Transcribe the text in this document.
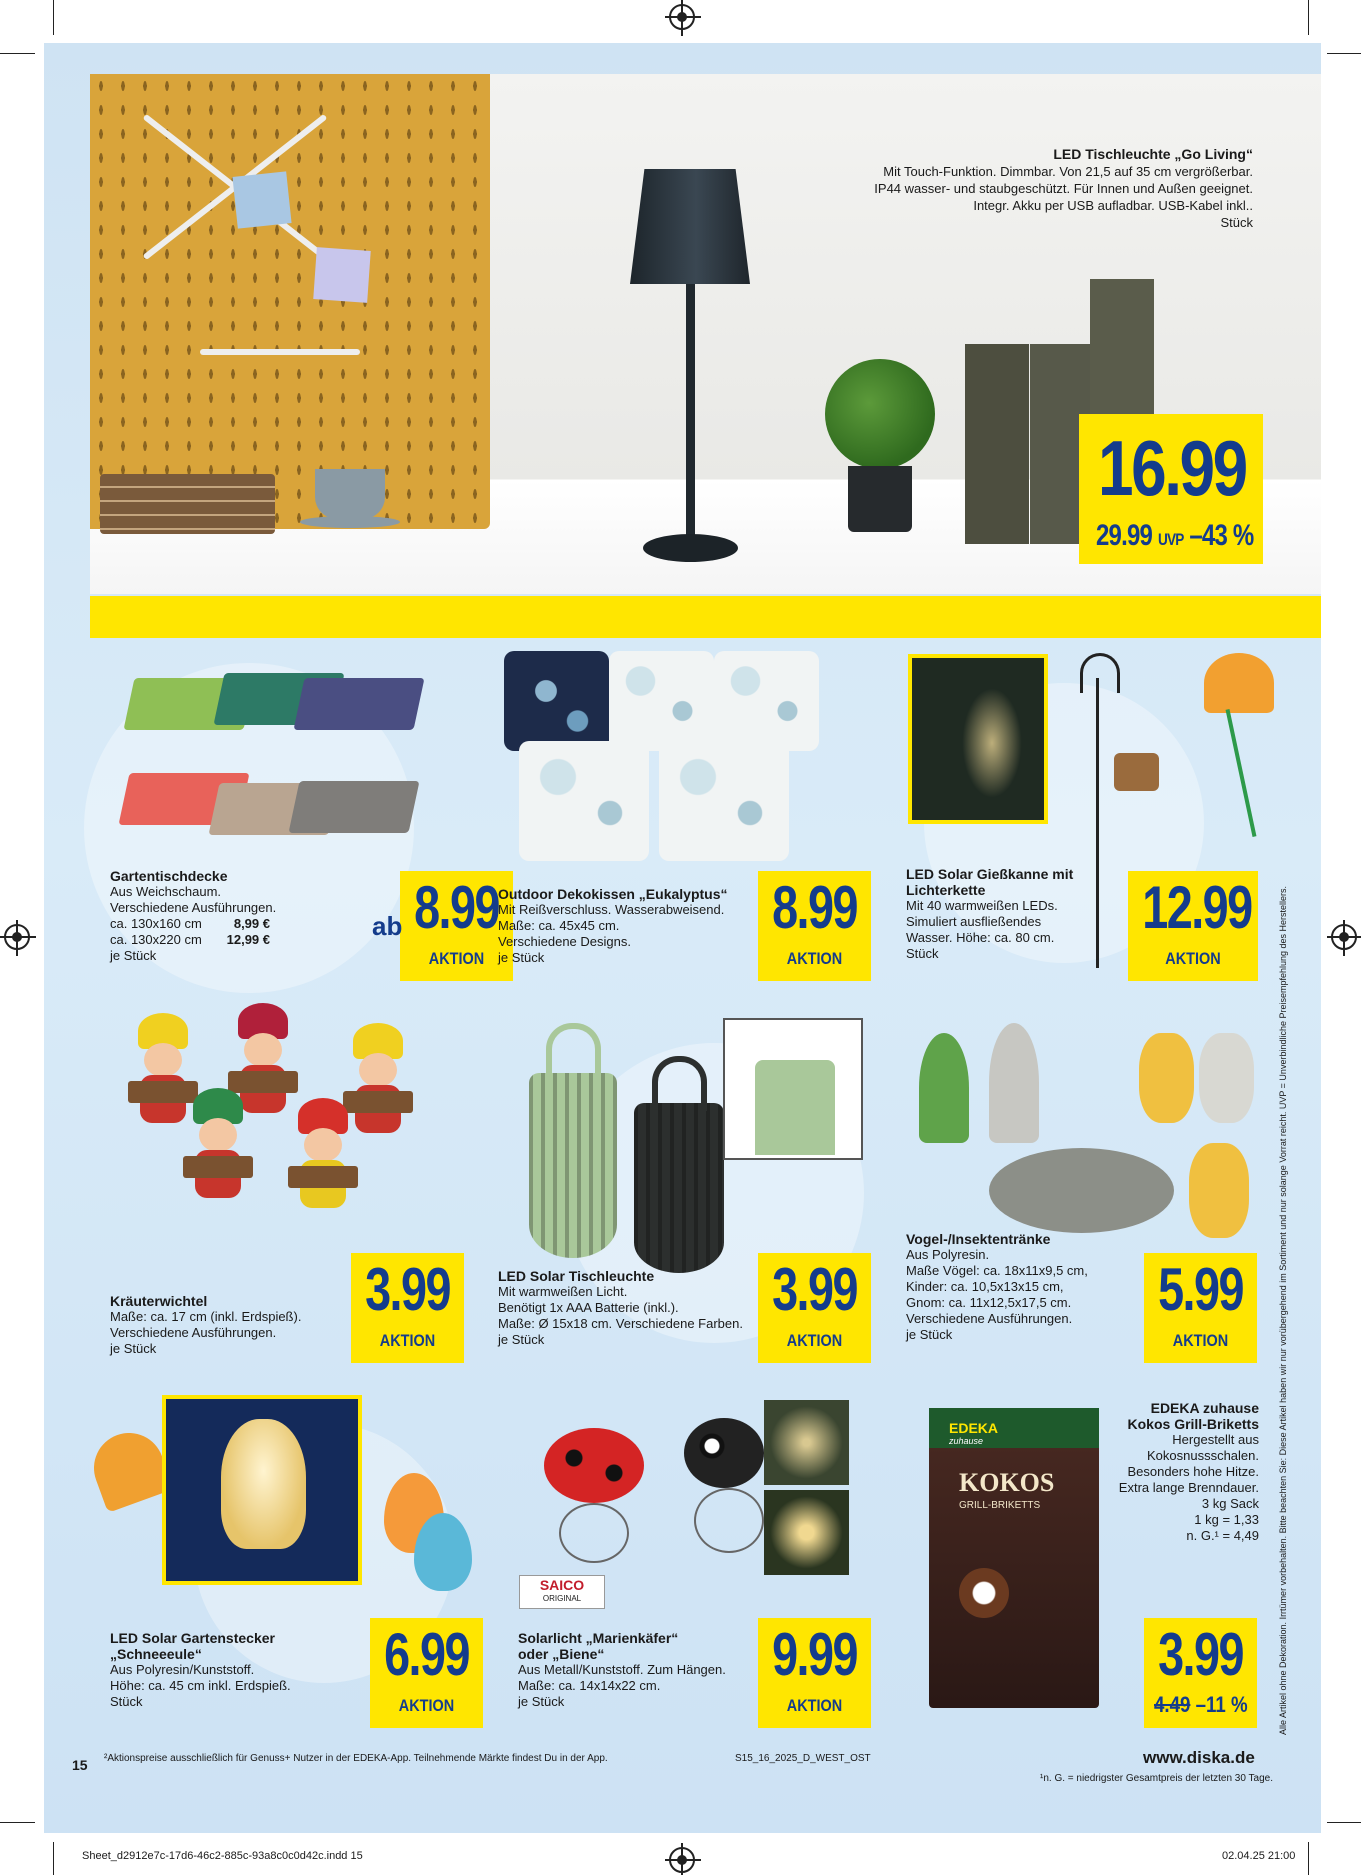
LED Tischleuchte „Go Living“
Mit Touch-Funktion. Dimmbar. Von 21,5 auf 35 cm vergrößerbar.
IP44 wasser- und staubgeschützt. Für Innen und Außen geeignet.
Integr. Akku per USB aufladbar. USB-Kabel inkl..
Stück
16.99
29.99 UVP –43 %
Gartentischdecke
Aus Weichschaum.
Verschiedene Ausführungen.
ca. 130x160 cm 8,99 €
ca. 130x220 cm 12,99 €
je Stück
ab 8.99
AKTION
Outdoor Dekokissen „Eukalyptus“
Mit Reißverschluss. Wasserabweisend.
Maße: ca. 45x45 cm.
Verschiedene Designs.
je Stück
8.99
AKTION
LED Solar Gießkanne mit Lichterkette
Mit 40 warmweißen LEDs.
Simuliert ausfließendes
Wasser. Höhe: ca. 80 cm.
Stück
12.99
AKTION
Kräuterwichtel
Maße: ca. 17 cm (inkl. Erdspieß).
Verschiedene Ausführungen.
je Stück
3.99
AKTION
LED Solar Tischleuchte
Mit warmweißen Licht.
Benötigt 1x AAA Batterie (inkl.).
Maße: Ø 15x18 cm. Verschiedene Farben.
je Stück
3.99
AKTION
Vogel-/Insektentränke
Aus Polyresin.
Maße Vögel: ca. 18x11x9,5 cm,
Kinder: ca. 10,5x13x15 cm,
Gnom: ca. 11x12,5x17,5 cm.
Verschiedene Ausführungen.
je Stück
5.99
AKTION
LED Solar Gartenstecker „Schneeeule“
Aus Polyresin/Kunststoff.
Höhe: ca. 45 cm inkl. Erdspieß.
Stück
6.99
AKTION
SAICO
ORIGINAL
Solarlicht „Marienkäfer“ oder „Biene“
Aus Metall/Kunststoff. Zum Hängen.
Maße: ca. 14x14x22 cm.
je Stück
9.99
AKTION
EDEKA zuhause
Kokos Grill-Briketts
Hergestellt aus
Kokosnussschalen.
Besonders hohe Hitze.
Extra lange Brenndauer.
3 kg Sack
1 kg = 1,33
n. G.¹ = 4,49
EDEKA
zuhause
KOKOS
GRILL-BRIKETTS
3.99
4.49 –11 %	Alle Artikel ohne Dekoration. Irrtümer vorbehalten. Bitte beachten Sie: Diese Artikel haben wir nur vorübergehend im Sortiment und nur solange Vorrat reicht. UVP = Unverbindliche Preisempfehlung des Herstellers.
15 ²Aktionspreise ausschließlich für Genuss+ Nutzer in der EDEKA-App. Teilnehmende Märkte findest Du in der App.	S15_16_2025_D_WEST_OST	www.diska.de
¹n. G. = niedrigster Gesamtpreis der letzten 30 Tage.
Sheet_d2912e7c-17d6-46c2-885c-93a8c0c0d42c.indd 15	02.04.25 21:00
